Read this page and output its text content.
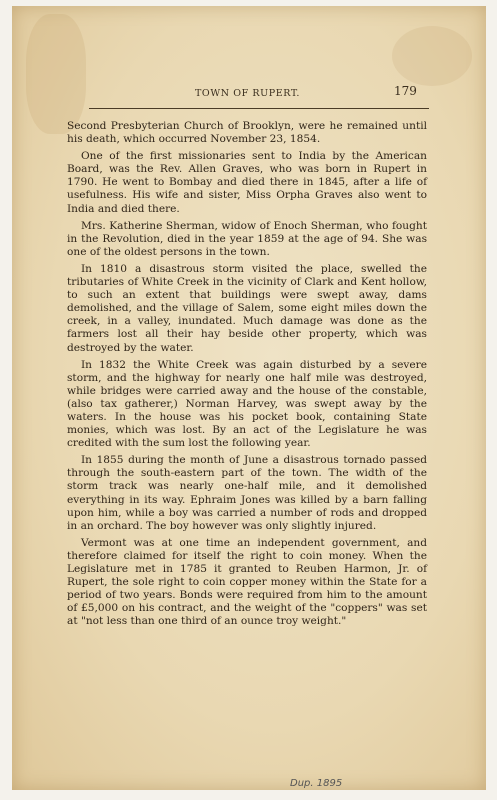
TOWN OF RUPERT.	179

Second Presbyterian Church of Brooklyn, were he remained until his death, which occurred November 23, 1854.

One of the first missionaries sent to India by the American Board, was the Rev. Allen Graves, who was born in Rupert in 1790. He went to Bombay and died there in 1845, after a life of usefulness. His wife and sister, Miss Orpha Graves also went to India and died there.

Mrs. Katherine Sherman, widow of Enoch Sherman, who fought in the Revolution, died in the year 1859 at the age of 94. She was one of the oldest persons in the town.

In 1810 a disastrous storm visited the place, swelled the tributaries of White Creek in the vicinity of Clark and Kent hollow, to such an extent that buildings were swept away, dams demolished, and the village of Salem, some eight miles down the creek, in a valley, inundated. Much damage was done as the farmers lost all their hay beside other property, which was destroyed by the water.

In 1832 the White Creek was again disturbed by a severe storm, and the highway for nearly one half mile was destroyed, while bridges were carried away and the house of the constable, (also tax gatherer,) Norman Harvey, was swept away by the waters. In the house was his pocket book, containing State monies, which was lost. By an act of the Legislature he was credited with the sum lost the following year.

In 1855 during the month of June a disastrous tornado passed through the south-eastern part of the town. The width of the storm track was nearly one-half mile, and it demolished everything in its way. Ephraim Jones was killed by a barn falling upon him, while a boy was carried a number of rods and dropped in an orchard. The boy however was only slightly injured.

Vermont was at one time an independent government, and therefore claimed for itself the right to coin money. When the Legislature met in 1785 it granted to Reuben Harmon, Jr. of Rupert, the sole right to coin copper money within the State for a period of two years. Bonds were required from him to the amount of £5,000 on his contract, and the weight of the "coppers" was set at "not less than one third of an ounce troy weight."

Dup. 1895
